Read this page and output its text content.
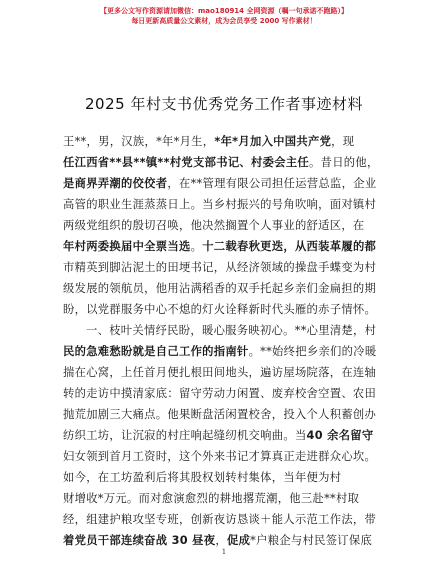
【更多公文写作资源请加微信：mao180914 全网资源（嘱一句承诺不跑路）】
每日更新高质量公文素材，成为会员享受 2000 写作素材！
2025 年村支书优秀党务工作者事迹材料
王**，男，汉族，*年*月生，*年*月加入中国共产党，现
任江西省**县**镇**村党支部书记、村委会主任。昔日的他，
是商界弄潮的佼佼者，在**管理有限公司担任运营总监，企业
高管的职业生涯蒸蒸日上。当乡村振兴的号角吹响，面对镇村
两级党组织的殷切召唤，他决然搁置个人事业的舒适区，在
年村两委换届中全票当选。十二载春秋更迭，从西装革履的都
市精英到脚沾泥土的田埂书记，从经济领域的操盘手蝶变为村
级发展的领航员，他用沾满稻香的双手托起乡亲们金扁担的期
盼，以党群服务中心不熄的灯火诠释新时代头雁的赤子情怀。
一、枝叶关情纾民盼，暖心服务映初心。**心里清楚，村
民的急难愁盼就是自己工作的指南针。**始终把乡亲们的冷暖
揣在心窝，上任首月便扎根田间地头，遍访屋场院落，在连轴
转的走访中摸清家底：留守劳动力闲置、废弃校舍空置、农田
抛荒加剧三大痛点。他果断盘活闲置校舍，投入个人积蓄创办
纺织工坊，让沉寂的村庄响起缝纫机交响曲。当40 余名留守
妇女领到首月工资时，这个外来书记才算真正走进群众心坎。
如今，在工坊盈利后将其股权划转村集体，当年便为村
财增收*万元。而对愈演愈烈的耕地撂荒潮，他三赴**村取
经，组建护粮攻坚专班，创新夜访恳谈＋能人示范工作法，带
着党员干部连续奋战 30 昼夜，促成*户粮企与村民签订保底
1
